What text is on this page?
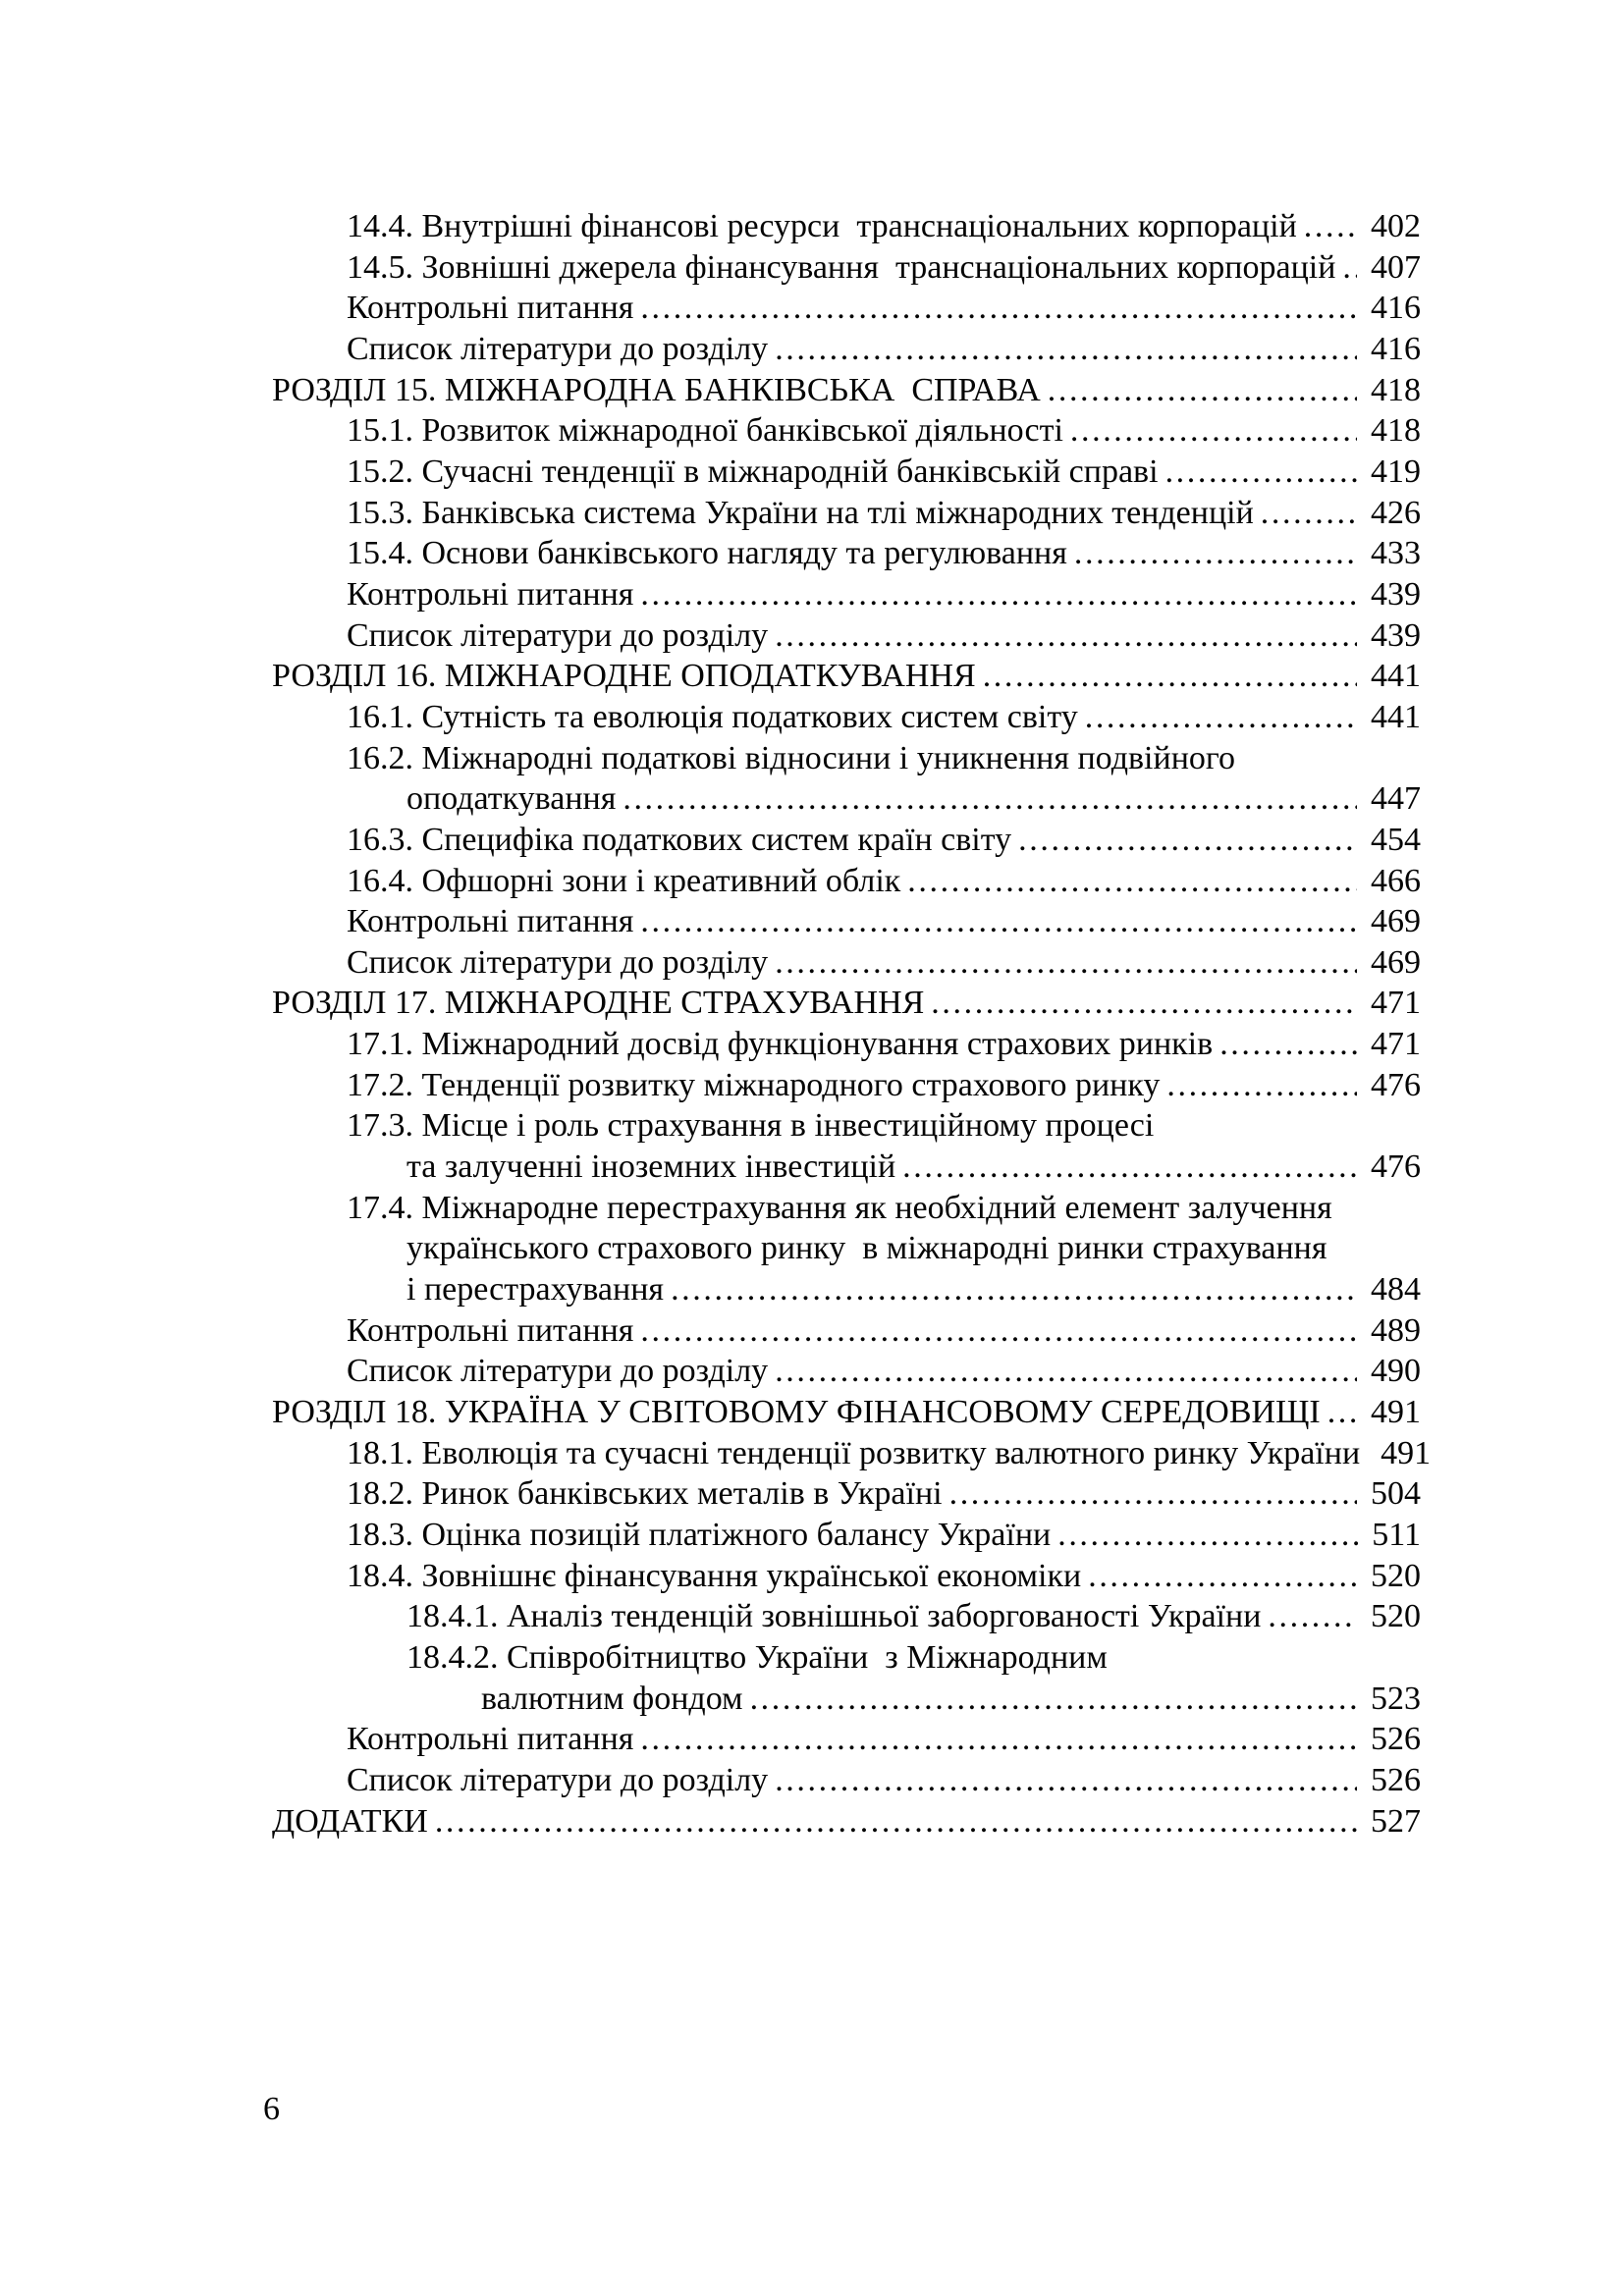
14.4. Внутрішні фінансові ресурси  транснаціональних корпорацій ..... 402
14.5. Зовнішні джерела фінансування  транснаціональних корпорацій ..... 407
Контрольні питання .....	416
Список літератури до розділу .....	416
РОЗДІЛ 15. МІЖНАРОДНА БАНКІВСЬКА  СПРАВА .....	418
15.1. Розвиток міжнародної банківської діяльності .....	418
15.2. Сучасні тенденції в міжнародній банківській справі .....	419
15.3. Банківська система України на тлі міжнародних тенденцій .....	426
15.4. Основи банківського нагляду та регулювання .....	433
Контрольні питання .....	439
Список літератури до розділу .....	439
РОЗДІЛ 16. МІЖНАРОДНЕ ОПОДАТКУВАННЯ .....	441
16.1. Сутність та еволюція податкових систем світу .....	441
16.2. Міжнародні податкові відносини і уникнення подвійного
оподаткування .....	447
16.3. Специфіка податкових систем країн світу .....	454
16.4. Офшорні зони і креативний облік .....	466
Контрольні питання .....	469
Список літератури до розділу .....	469
РОЗДІЛ 17. МІЖНАРОДНЕ СТРАХУВАННЯ .....	471
17.1. Міжнародний досвід функціонування страхових ринків .....	471
17.2. Тенденції розвитку міжнародного страхового ринку .....	476
17.3. Місце і роль страхування в інвестиційному процесі
та залученні іноземних інвестицій .....	476
17.4. Міжнародне перестрахування як необхідний елемент залучення
українського страхового ринку  в міжнародні ринки страхування
і перестрахування .....	484
Контрольні питання .....	489
Список літератури до розділу .....	490
РОЗДІЛ 18. УКРАЇНА У СВІТОВОМУ ФІНАНСОВОМУ СЕРЕДОВИЩІ ..... 491
18.1. Еволюція та сучасні тенденції розвитку валютного ринку України 491
18.2. Ринок банківських металів в Україні .....	504
18.3. Оцінка позицій платіжного балансу України .....	511
18.4. Зовнішнє фінансування української економіки .....	520
18.4.1. Аналіз тенденцій зовнішньої заборгованості України .....	520
18.4.2. Співробітництво України  з Міжнародним
валютним фондом .....	523
Контрольні питання .....	526
Список літератури до розділу .....	526
ДОДАТКИ .....	527
6
